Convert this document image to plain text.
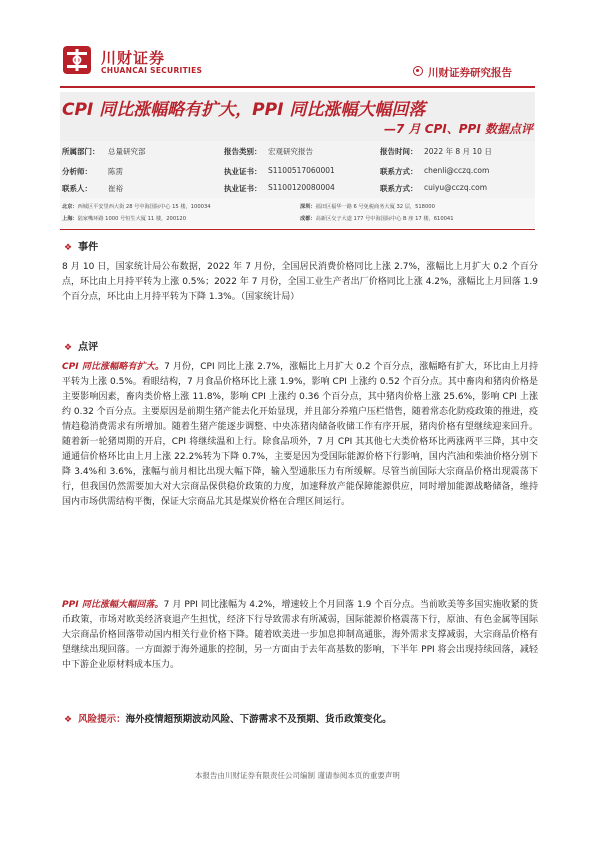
川财证券
CHUANCAI SECURITIES	川财证券研究报告
CPI 同比涨幅略有扩大，PPI 同比涨幅大幅回落
—7 月 CPI、PPI 数据点评
所属部门： 总量研究部	报告类别： 宏观研究报告	报告时间： 2022 年 8 月 10 日
分析师： 陈雳	执业证书： S1100517060001	联系方式： chenli@cczq.com
联系人： 崔裕	执业证书： S1100120080004	联系方式： cuiyu@cczq.com
北京：西城区平安里西大街 28 号中海国际中心 15 楼，100034	深圳：福田区福华一路 6 号免税商务大厦 32 层，518000
上海：陆家嘴环路 1000 号恒生大厦 11 楼，200120	成都：高新区交子大道 177 号中海国际中心 B 座 17 楼，610041
❖ 事件
8 月 10 日，国家统计局公布数据，2022 年 7 月份，全国居民消费价格同比上涨 2.7%，涨幅比上月扩大 0.2 个百分点，环比由上月持平转为上涨 0.5%；2022 年 7 月份，全国工业生产者出厂价格同比上涨 4.2%，涨幅比上月回落 1.9 个百分点，环比由上月持平转为下降 1.3%。（国家统计局）
❖ 点评
CPI 同比涨幅略有扩大。7 月份，CPI 同比上涨 2.7%，涨幅比上月扩大 0.2 个百分点，涨幅略有扩大，环比由上月持平转为上涨 0.5%。看眼结构，7 月食品价格环比上涨 1.9%，影响 CPI 上涨约 0.52 个百分点。其中畜肉和猪肉价格是主要影响因素，畜肉类价格上涨 11.8%，影响 CPI 上涨约 0.36 个百分点，其中猪肉价格上涨 25.6%，影响 CPI 上涨约 0.32 个百分点。主要原因是前期生猪产能去化开始显现，并且部分养殖户压栏惜售，随着常态化防疫政策的推进，疫情趋稳消费需求有所增加。随着生猪产能逐步调整、中央冻猪肉储备收储工作有序开展，猪肉价格有望继续迎来回升。随着新一轮猪周期的开启，CPI 将继续温和上行。除食品项外，7 月 CPI 其其他七大类价格环比两涨两平三降，其中交通通信价格环比由上月上涨 22.2%转为下降 0.7%，主要是因为受国际能源价格下行影响，国内汽油和柴油价格分别下降 3.4%和 3.6%，涨幅与前月相比出现大幅下降，输入型通胀压力有所缓解。尽管当前国际大宗商品价格出现震荡下行，但我国仍然需要加大对大宗商品保供稳价政策的力度，加速释放产能保障能源供应，同时增加能源战略储备，维持国内市场供需结构平衡，保证大宗商品尤其是煤炭价格在合理区间运行。
PPI 同比涨幅大幅回落。7 月 PPI 同比涨幅为 4.2%，增速较上个月回落 1.9 个百分点。当前欧美等多国实施收紧的货币政策，市场对欧美经济衰退产生担忧，经济下行导致需求有所减弱，国际能源价格震荡下行，原油、有色金属等国际大宗商品价格回落带动国内相关行业价格下降。随着欧美进一步加息抑制高通胀，海外需求支撑减弱，大宗商品价格有望继续出现回落。一方面源于海外通胀的控制，另一方面由于去年高基数的影响，下半年 PPI 将会出现持续回落，减轻中下游企业原材料成本压力。
❖ 风险提示：海外疫情超预期波动风险、下游需求不及预期、货币政策变化。
本报告由川财证券有限责任公司编制 谨请参阅本页的重要声明
